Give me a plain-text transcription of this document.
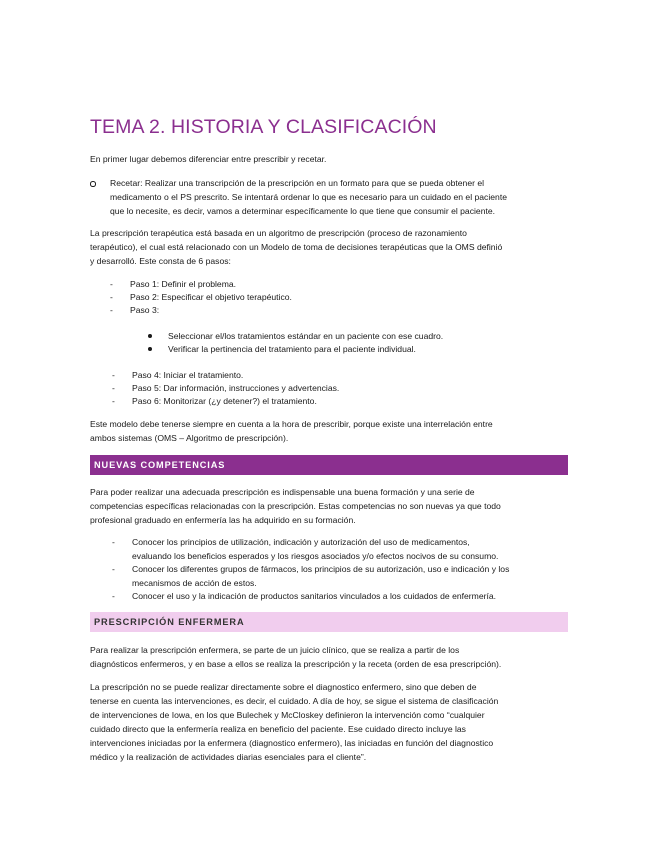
TEMA 2. HISTORIA Y CLASIFICACIÓN
En primer lugar debemos diferenciar entre prescribir y recetar.
Recetar: Realizar una transcripción de la prescripción en un formato para que se pueda obtener el
medicamento o el PS prescrito. Se intentará ordenar lo que es necesario para un cuidado en el paciente
que lo necesite, es decir, vamos a determinar específicamente lo que tiene que consumir el paciente.
La prescripción terapéutica está basada en un algoritmo de prescripción (proceso de razonamiento
terapéutico), el cual está relacionado con un Modelo de toma de decisiones terapéuticas que la OMS definió
y desarrolló. Este consta de 6 pasos:
- Paso 1: Definir el problema.
- Paso 2: Especificar el objetivo terapéutico.
- Paso 3:
Seleccionar el/los tratamientos estándar en un paciente con ese cuadro.
Verificar la pertinencia del tratamiento para el paciente individual.
- Paso 4: Iniciar el tratamiento.
- Paso 5: Dar información, instrucciones y advertencias.
- Paso 6: Monitorizar (¿y detener?) el tratamiento.
Este modelo debe tenerse siempre en cuenta a la hora de prescribir, porque existe una interrelación entre
ambos sistemas (OMS – Algoritmo de prescripción).
NUEVAS COMPETENCIAS
Para poder realizar una adecuada prescripción es indispensable una buena formación y una serie de
competencias específicas relacionadas con la prescripción. Estas competencias no son nuevas ya que todo
profesional graduado en enfermería las ha adquirido en su formación.
- Conocer los principios de utilización, indicación y autorización del uso de medicamentos,
evaluando los beneficios esperados y los riesgos asociados y/o efectos nocivos de su consumo.
- Conocer los diferentes grupos de fármacos, los principios de su autorización, uso e indicación y los
mecanismos de acción de estos.
- Conocer el uso y la indicación de productos sanitarios vinculados a los cuidados de enfermería.
PRESCRIPCIÓN ENFERMERA
Para realizar la prescripción enfermera, se parte de un juicio clínico, que se realiza a partir de los
diagnósticos enfermeros, y en base a ellos se realiza la prescripción y la receta (orden de esa prescripción).
La prescripción no se puede realizar directamente sobre el diagnostico enfermero, sino que deben de
tenerse en cuenta las intervenciones, es decir, el cuidado. A día de hoy, se sigue el sistema de clasificación
de intervenciones de Iowa, en los que Bulechek y McCloskey definieron la intervención como “cualquier
cuidado directo que la enfermería realiza en beneficio del paciente. Ese cuidado directo incluye las
intervenciones iniciadas por la enfermera (diagnostico enfermero), las iniciadas en función del diagnostico
médico y la realización de actividades diarias esenciales para el cliente”.
